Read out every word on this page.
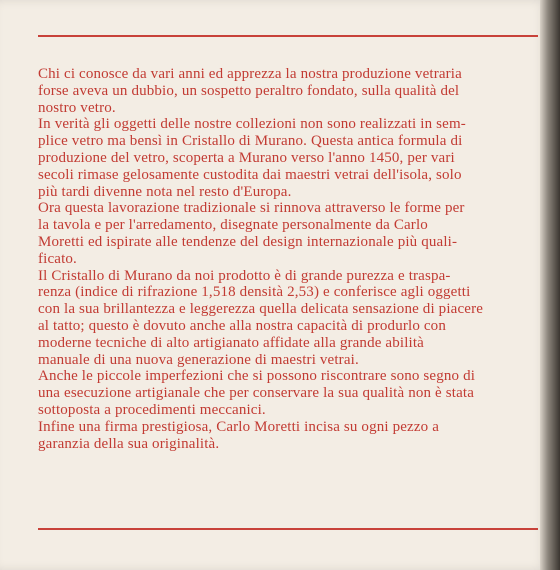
Chi ci conosce da vari anni ed apprezza la nostra produzione vetraria
forse aveva un dubbio, un sospetto peraltro fondato, sulla qualità del
nostro vetro.

In verità gli oggetti delle nostre collezioni non sono realizzati in sem-
plice vetro ma bensì in Cristallo di Murano. Questa antica formula di
produzione del vetro, scoperta a Murano verso l'anno 1450, per vari
secoli rimase gelosamente custodita dai maestri vetrai dell'isola, solo
più tardi divenne nota nel resto d'Europa.

Ora questa lavorazione tradizionale si rinnova attraverso le forme per
la tavola e per l'arredamento, disegnate personalmente da Carlo
Moretti ed ispirate alle tendenze del design internazionale più quali-
ficato.

Il Cristallo di Murano da noi prodotto è di grande purezza e traspa-
renza (indice di rifrazione 1,518 densità 2,53) e conferisce agli oggetti
con la sua brillantezza e leggerezza quella delicata sensazione di piacere
al tatto; questo è dovuto anche alla nostra capacità di produrlo con
moderne tecniche di alto artigianato affidate alla grande abilità
manuale di una nuova generazione di maestri vetrai.

Anche le piccole imperfezioni che si possono riscontrare sono segno di
una esecuzione artigianale che per conservare la sua qualità non è stata
sottoposta a procedimenti meccanici.

Infine una firma prestigiosa, Carlo Moretti incisa su ogni pezzo a
garanzia della sua originalità.
